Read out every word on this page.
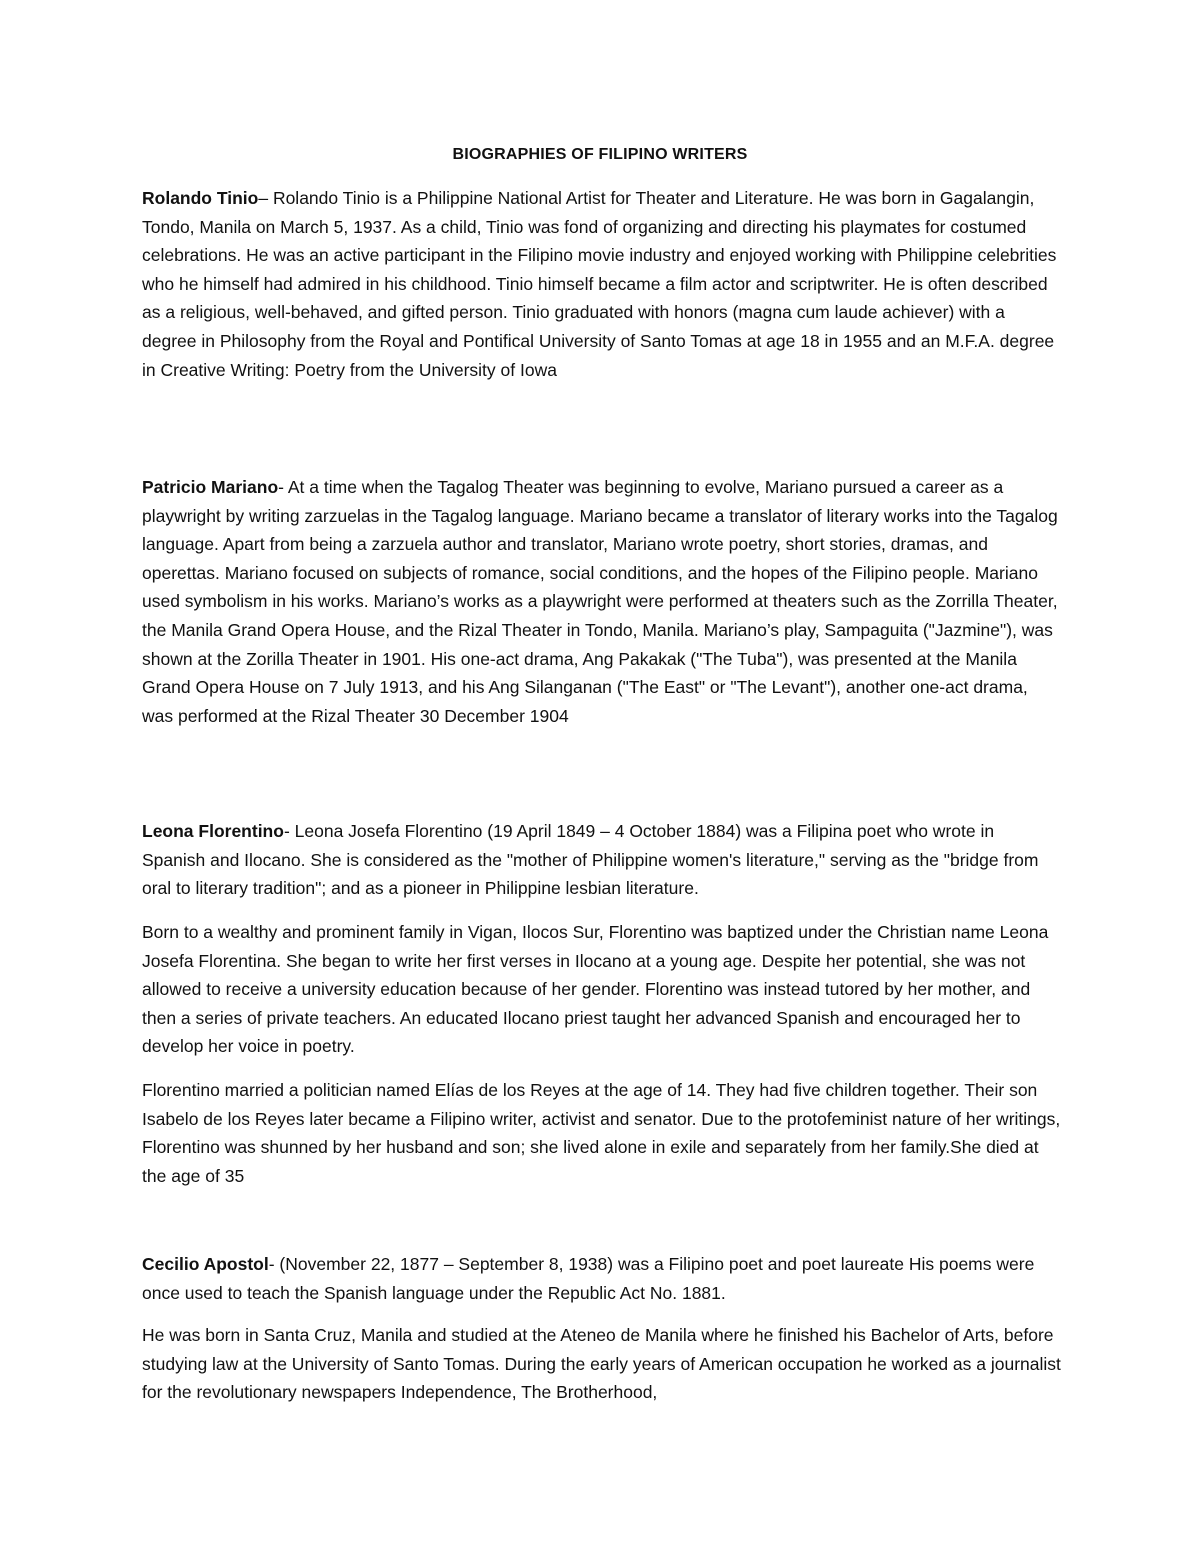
BIOGRAPHIES OF FILIPINO WRITERS

Rolando Tinio– Rolando Tinio is a Philippine National Artist for Theater and Literature. He was born in Gagalangin, Tondo, Manila on March 5, 1937. As a child, Tinio was fond of organizing and directing his playmates for costumed celebrations. He was an active participant in the Filipino movie industry and enjoyed working with Philippine celebrities who he himself had admired in his childhood. Tinio himself became a film actor and scriptwriter. He is often described as a religious, well-behaved, and gifted person. Tinio graduated with honors (magna cum laude achiever) with a degree in Philosophy from the Royal and Pontifical University of Santo Tomas at age 18 in 1955 and an M.F.A. degree in Creative Writing: Poetry from the University of Iowa

Patricio Mariano- At a time when the Tagalog Theater was beginning to evolve, Mariano pursued a career as a playwright by writing zarzuelas in the Tagalog language. Mariano became a translator of literary works into the Tagalog language. Apart from being a zarzuela author and translator, Mariano wrote poetry, short stories, dramas, and operettas. Mariano focused on subjects of romance, social conditions, and the hopes of the Filipino people. Mariano used symbolism in his works. Mariano’s works as a playwright were performed at theaters such as the Zorrilla Theater, the Manila Grand Opera House, and the Rizal Theater in Tondo, Manila. Mariano’s play, Sampaguita ("Jazmine"), was shown at the Zorilla Theater in 1901. His one-act drama, Ang Pakakak ("The Tuba"), was presented at the Manila Grand Opera House on 7 July 1913, and his Ang Silanganan ("The East" or "The Levant"), another one-act drama, was performed at the Rizal Theater 30 December 1904

Leona Florentino- Leona Josefa Florentino (19 April 1849 – 4 October 1884) was a Filipina poet who wrote in Spanish and Ilocano. She is considered as the "mother of Philippine women's literature," serving as the "bridge from oral to literary tradition"; and as a pioneer in Philippine lesbian literature.

Born to a wealthy and prominent family in Vigan, Ilocos Sur, Florentino was baptized under the Christian name Leona Josefa Florentina. She began to write her first verses in Ilocano at a young age. Despite her potential, she was not allowed to receive a university education because of her gender. Florentino was instead tutored by her mother, and then a series of private teachers. An educated Ilocano priest taught her advanced Spanish and encouraged her to develop her voice in poetry.

Florentino married a politician named Elías de los Reyes at the age of 14. They had five children together. Their son Isabelo de los Reyes later became a Filipino writer, activist and senator. Due to the protofeminist nature of her writings, Florentino was shunned by her husband and son; she lived alone in exile and separately from her family.She died at the age of 35

Cecilio Apostol- (November 22, 1877 – September 8, 1938) was a Filipino poet and poet laureate His poems were once used to teach the Spanish language under the Republic Act No. 1881.

He was born in Santa Cruz, Manila and studied at the Ateneo de Manila where he finished his Bachelor of Arts, before studying law at the University of Santo Tomas. During the early years of American occupation he worked as a journalist for the revolutionary newspapers Independence, The Brotherhood,
